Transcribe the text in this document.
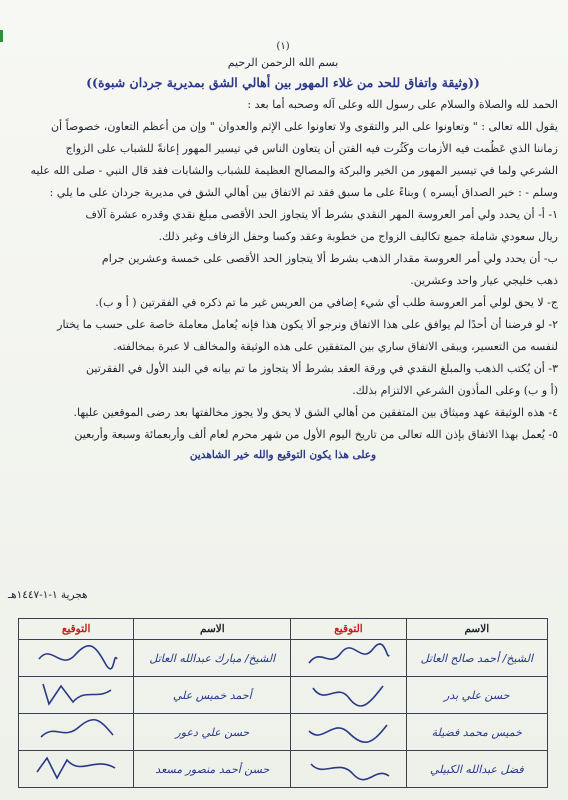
(١)
بسم الله الرحمن الرحيم
((وثيقة واتفاق للحد من غلاء المهور بين أهالي الشق بمديرية جردان شبوة))

الحمد لله والصلاة والسلام على رسول الله وعلى آله وصحبه أما بعد :

يقول الله تعالى : " وتعاونوا على البر والتقوى ولا تعاونوا على الإثم والعدوان " وإن من أعظم التعاون، خصوصاً أن

زماننا الذي عَظُمت فيه الأزمات وكَثُرت فيه الفتن أن يتعاون الناس في تيسير المهور إعانةً للشباب على الزواج

الشرعي ولما في تيسير المهور من الخير والبركة والمصالح العظيمة للشباب والشابات فقد قال النبي - صلى الله عليه

وسلم - : خير الصداق أيسره ) وبناءً على ما سبق فقد تم الاتفاق بين أهالي الشق في مديرية جردان على ما يلي :

١- أ- أن يحدد ولي أمر العروسة المهر النقدي بشرط ألا يتجاوز الحد الأقصى مبلغ نقدي وقدره عشرة آلاف

ريال سعودي شاملة جميع تكاليف الزواج من خطوبة وعقد وكسا وحفل الزفاف وغير ذلك.

ب- أن يحدد ولي أمر العروسة مقدار الذهب بشرط ألا يتجاوز الحد الأقصى على خمسة وعشرين جرام

ذهب خليجي عيار واحد وعشرين.

ج- لا يحق لولي أمر العروسة طلب أي شيء إضافي من العريس غير ما تم ذكره في الفقرتين ( أ و ب).

٢- لو فرضنا أن أحدًا لم يوافق على هذا الاتفاق ونرجو ألا يكون هذا فإنه يُعامل معاملة خاصة على حسب ما يختار

لنفسه من التعسير، ويبقى الاتفاق ساري بين المتفقين على هذه الوثيقة والمخالف لا عبرة بمخالفته.

٣- أن يُكتب الذهب والمبلغ النقدي في ورقة العقد بشرط ألا يتجاوز ما تم بيانه في البند الأول في الفقرتين

(أ و ب) وعلى المأذون الشرعي الالتزام بذلك.

٤- هذه الوثيقة عهد وميثاق بين المتفقين من أهالي الشق لا يحق ولا يجوز مخالفتها بعد رضى الموقعين عليها.

٥- يُعمل بهذا الاتفاق بإذن الله تعالى من تاريخ اليوم الأول من شهر محرم لعام ألف وأربعمائة وسبعة وأربعين

وعلى هذا يكون التوقيع والله خير الشاهدين
هجرية ١-١-١٤٤٧هـ
الاسم	التوقيع	الاسم	التوقيع
الشيخ/ أحمد صالح العاتل		الشيخ/ مبارك عبدالله العاتل	
حسن علي بدر		أحمد خميس علي	
خميس محمد فضيلة		حسن علي دعور	
فضل عبدالله الكبيلي		حسن أحمد منصور مسعد	
